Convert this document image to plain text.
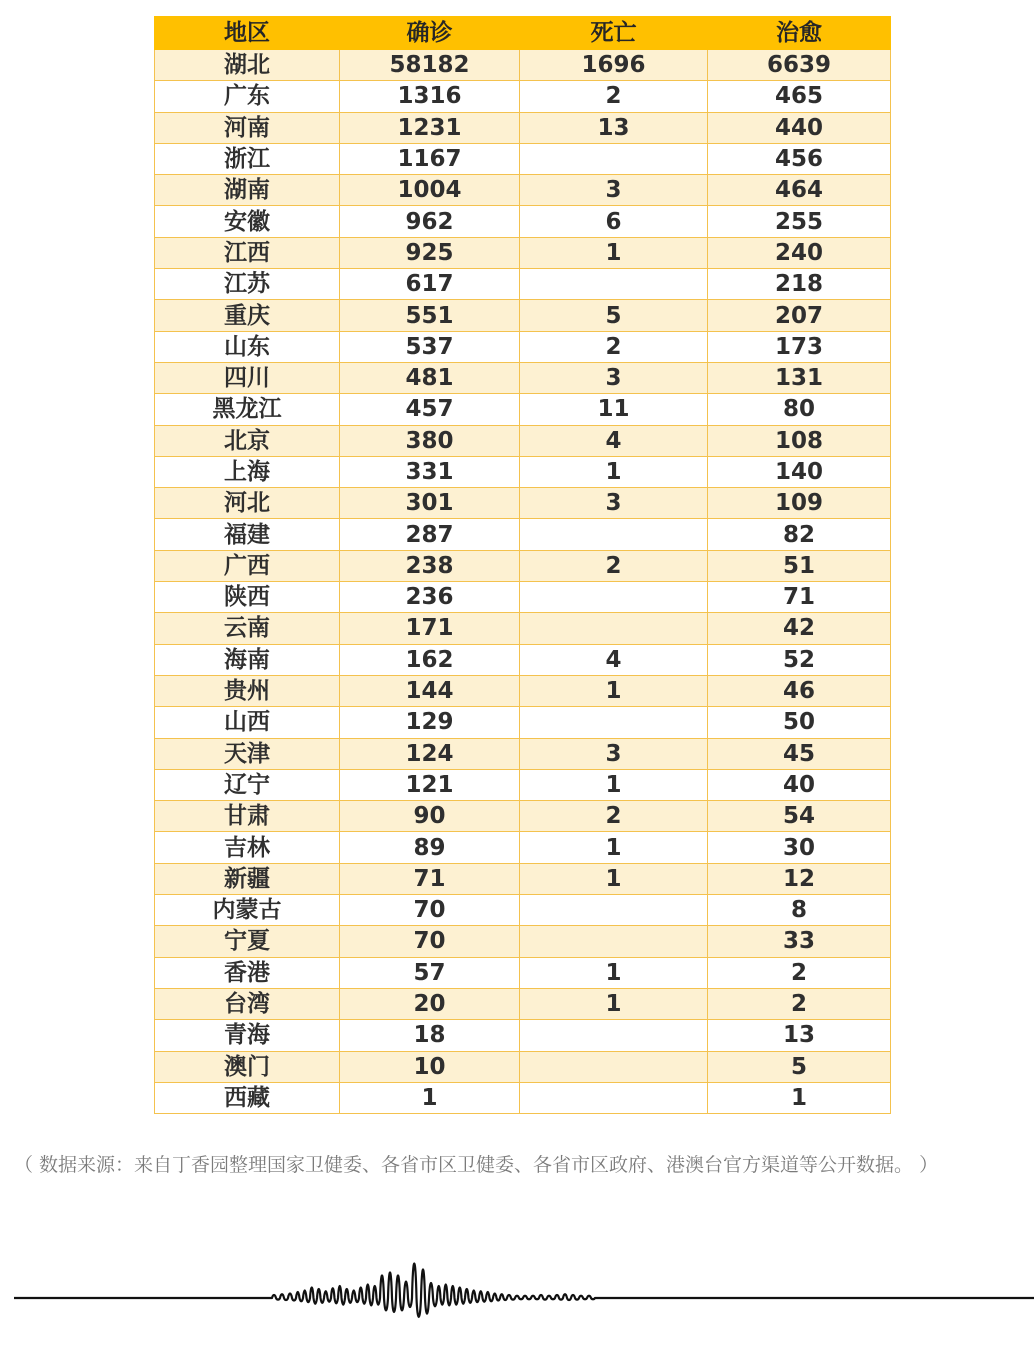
地区	确诊	死亡	治愈
湖北	58182	1696	6639
广东	1316	2	465
河南	1231	13	440
浙江	1167		456
湖南	1004	3	464
安徽	962	6	255
江西	925	1	240
江苏	617		218
重庆	551	5	207
山东	537	2	173
四川	481	3	131
黑龙江	457	11	80
北京	380	4	108
上海	331	1	140
河北	301	3	109
福建	287		82
广西	238	2	51
陕西	236		71
云南	171		42
海南	162	4	52
贵州	144	1	46
山西	129		50
天津	124	3	45
辽宁	121	1	40
甘肃	90	2	54
吉林	89	1	30
新疆	71	1	12
内蒙古	70		8
宁夏	70		33
香港	57	1	2
台湾	20	1	2
青海	18		13
澳门	10		5
西藏	1		1

（ 数据来源：来自丁香园整理国家卫健委、各省市区卫健委、各省市区政府、港澳台官方渠道等公开数据。 ）
